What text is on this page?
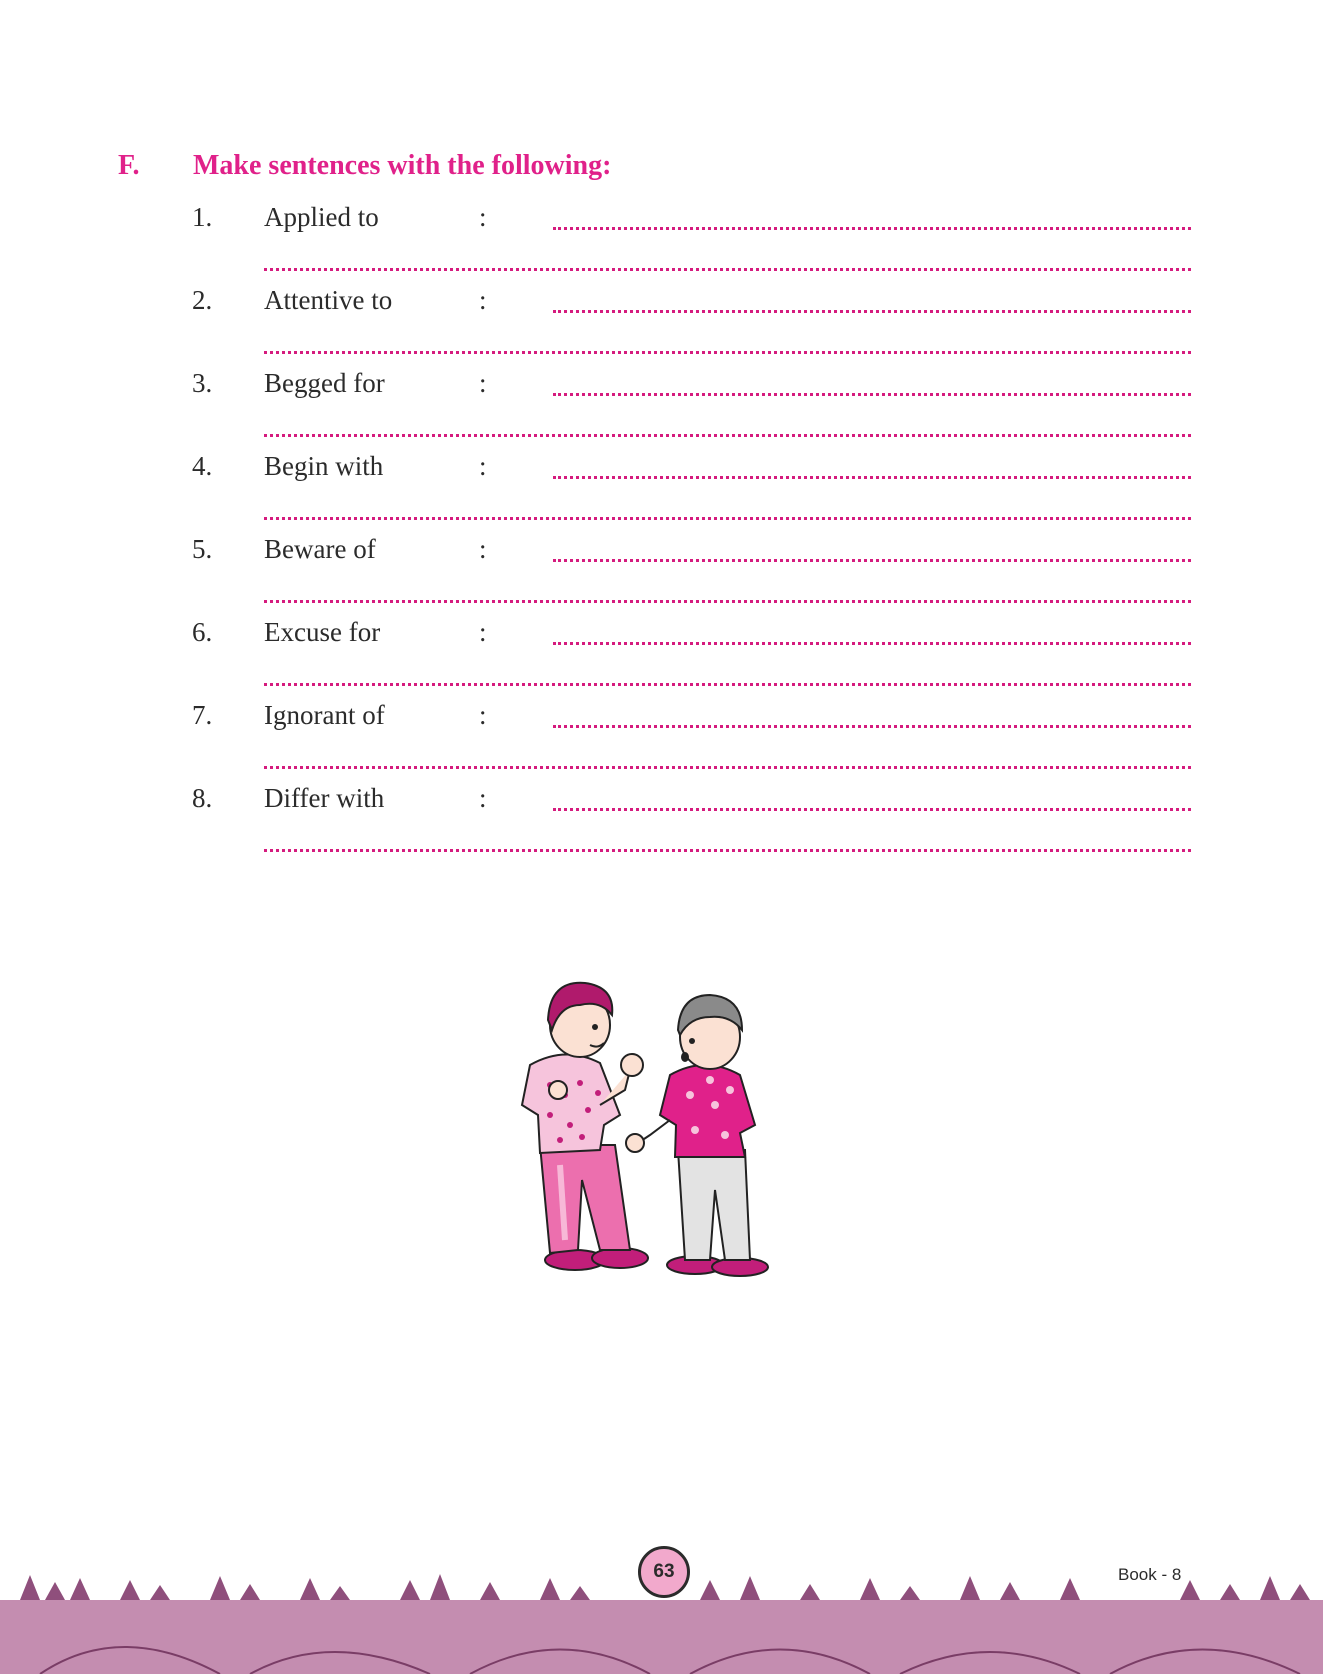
F. Make sentences with the following:
1. Applied to	:
2. Attentive to	:
3. Begged for	:
4. Begin with	:
5. Beware of	:
6. Excuse for	:
7. Ignorant of	:
8. Differ with	:
63	Book - 8
